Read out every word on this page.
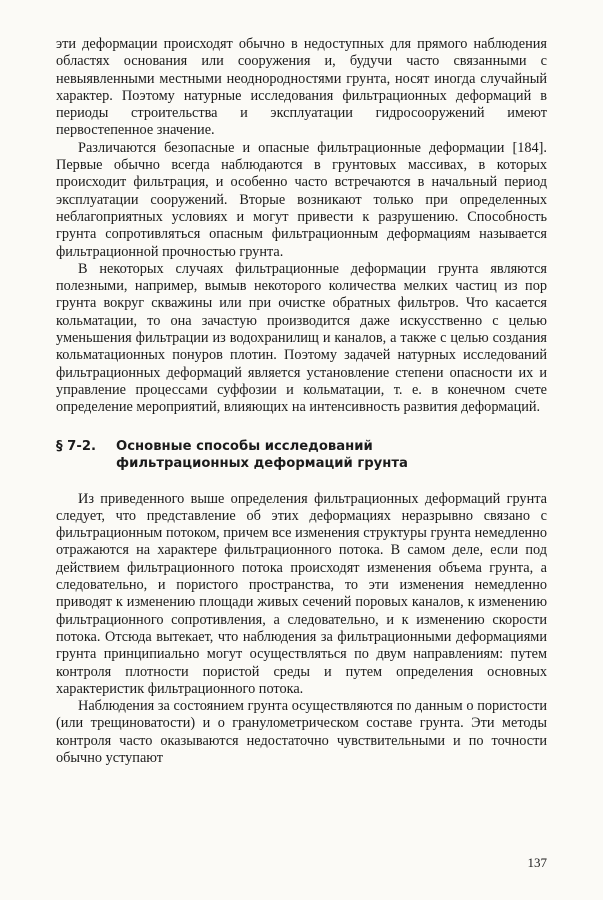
эти деформации происходят обычно в недоступных для прямого наблюдения областях основания или сооружения и, будучи часто связанными с невыявленными местными неоднородностями грунта, носят иногда случайный характер. Поэтому натурные исследования фильтрационных деформаций в периоды строительства и эксплуатации гидросооружений имеют первостепенное значение.

Различаются безопасные и опасные фильтрационные деформации [184]. Первые обычно всегда наблюдаются в грунтовых массивах, в которых происходит фильтрация, и особенно часто встречаются в начальный период эксплуатации сооружений. Вторые возникают только при определенных неблагоприятных условиях и могут привести к разрушению. Способность грунта сопротивляться опасным фильтрационным деформациям называется фильтрационной прочностью грунта.

В некоторых случаях фильтрационные деформации грунта являются полезными, например, вымыв некоторого количества мелких частиц из пор грунта вокруг скважины или при очистке обратных фильтров. Что касается кольматации, то она зачастую производится даже искусственно с целью уменьшения фильтрации из водохранилищ и каналов, а также с целью создания кольматационных понуров плотин. Поэтому задачей натурных исследований фильтрационных деформаций является установление степени опасности их и управление процессами суффозии и кольматации, т. е. в конечном счете определение мероприятий, влияющих на интенсивность развития деформаций.

§ 7-2. Основные способы исследований
фильтрационных деформаций грунта

Из приведенного выше определения фильтрационных деформаций грунта следует, что представление об этих деформациях неразрывно связано с фильтрационным потоком, причем все изменения структуры грунта немедленно отражаются на характере фильтрационного потока. В самом деле, если под действием фильтрационного потока происходят изменения объема грунта, а следовательно, и пористого пространства, то эти изменения немедленно приводят к изменению площади живых сечений поровых каналов, к изменению фильтрационного сопротивления, а следовательно, и к изменению скорости потока. Отсюда вытекает, что наблюдения за фильтрационными деформациями грунта принципиально могут осуществляться по двум направлениям: путем контроля плотности пористой среды и путем определения основных характеристик фильтрационного потока.

Наблюдения за состоянием грунта осуществляются по данным о пористости (или трещиноватости) и о гранулометрическом составе грунта. Эти методы контроля часто оказываются недостаточно чувствительными и по точности обычно уступают

137
